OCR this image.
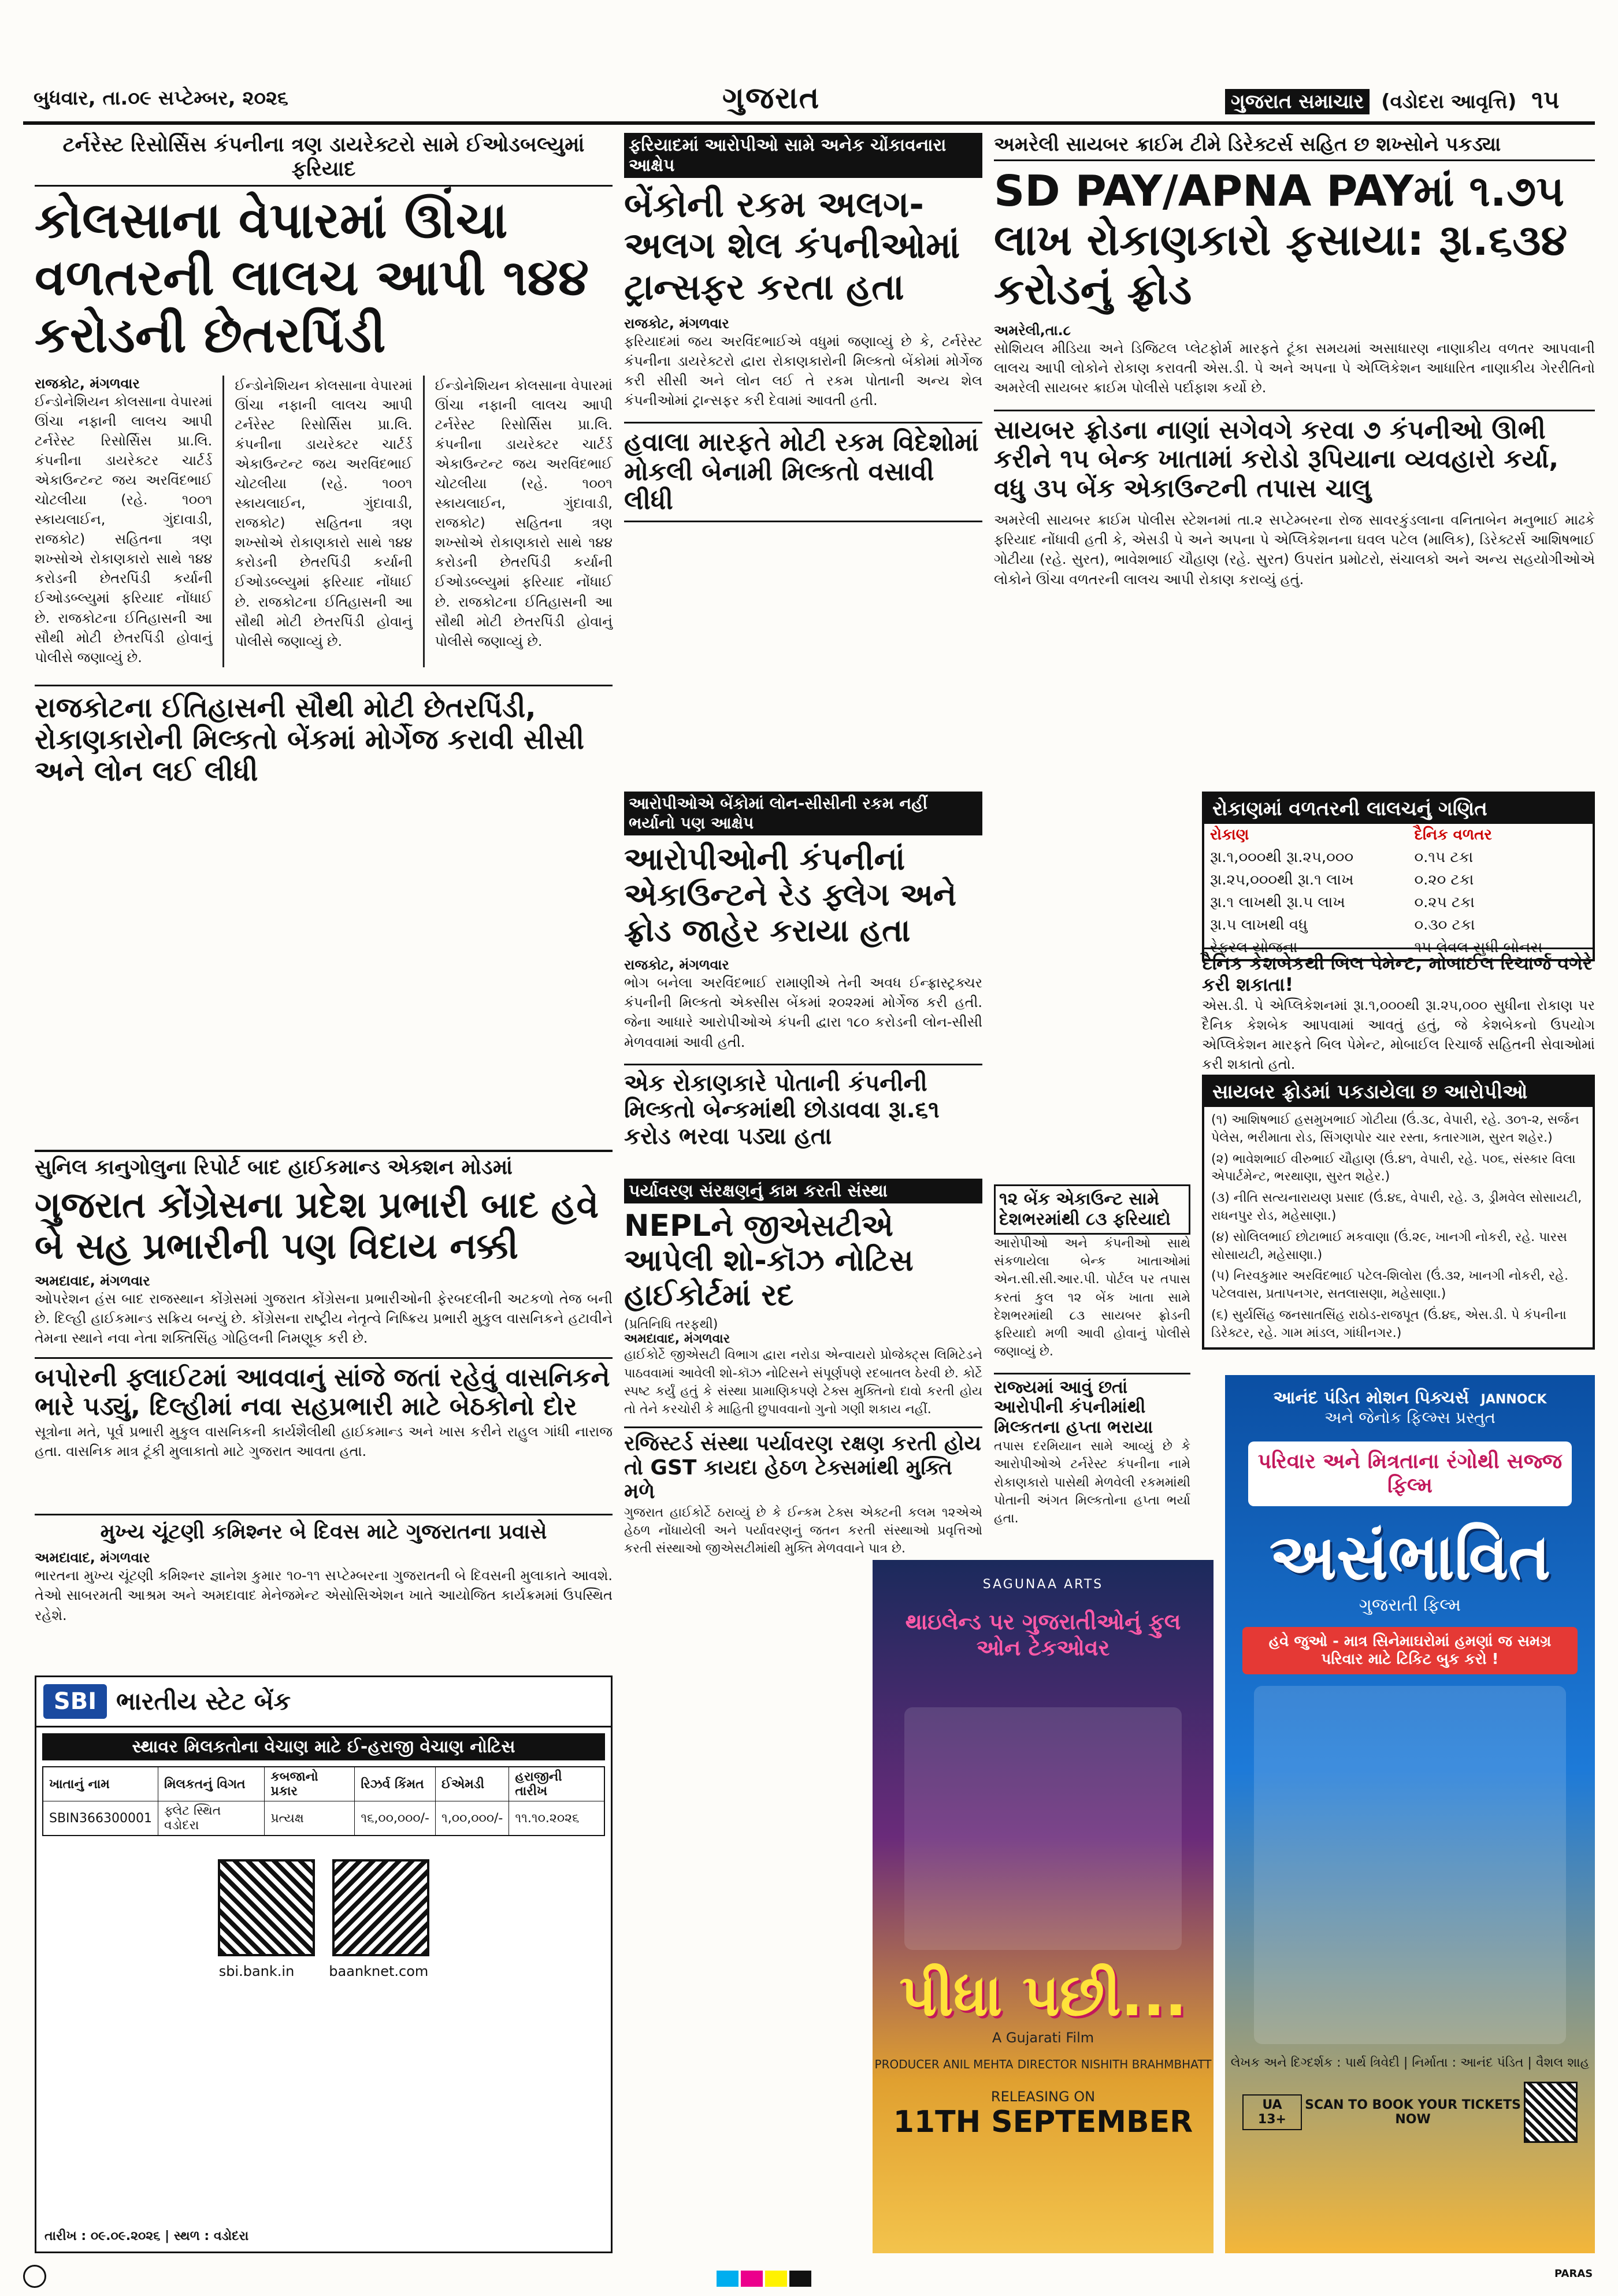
બુધવાર, તા.૦૯ સપ્ટેમ્બર, ૨૦૨૬	ગુજરાત	ગુજરાત સમાચાર (વડોદરા આવૃત્તિ) ૧૫
ટર્નરેસ્ટ રિસોર્સિસ કંપનીના ત્રણ ડાયરેક્ટરો સામે ઈઓડબલ્યુમાં ફરિયાદ
કોલસાના વેપારમાં ઊંચા વળતરની લાલચ આપી ૧૪૪ કરોડની છેતરપિંડી
રાજકોટ, મંગળવાર
ઈન્ડોનેશિયન કોલસાના વેપારમાં ઊંચા નફાની લાલચ આપી ટર્નરેસ્ટ રિસોર્સિસ પ્રા.લિ. કંપનીના ડાયરેક્ટર ચાર્ટર્ડ એકાઉન્ટન્ટ જય અરવિંદભાઈ ચોટલીયા (રહે. ૧૦૦૧ સ્કાયલાઈન, ગુંદાવાડી, રાજકોટ) સહિતના ત્રણ શખ્સોએ રોકાણકારો સાથે ૧૪૪ કરોડની છેતરપિંડી કર્યાની ઈઓડબ્લ્યુમાં ફરિયાદ નોંધાઈ છે. રાજકોટના ઈતિહાસની આ સૌથી મોટી છેતરપિંડી હોવાનું પોલીસે જણાવ્યું છે.
ઈન્ડોનેશિયન કોલસાના વેપારમાં ઊંચા નફાની લાલચ આપી ટર્નરેસ્ટ રિસોર્સિસ પ્રા.લિ. કંપનીના ડાયરેક્ટર ચાર્ટર્ડ એકાઉન્ટન્ટ જય અરવિંદભાઈ ચોટલીયા (રહે. ૧૦૦૧ સ્કાયલાઈન, ગુંદાવાડી, રાજકોટ) સહિતના ત્રણ શખ્સોએ રોકાણકારો સાથે ૧૪૪ કરોડની છેતરપિંડી કર્યાની ઈઓડબ્લ્યુમાં ફરિયાદ નોંધાઈ છે. રાજકોટના ઈતિહાસની આ સૌથી મોટી છેતરપિંડી હોવાનું પોલીસે જણાવ્યું છે.
ઈન્ડોનેશિયન કોલસાના વેપારમાં ઊંચા નફાની લાલચ આપી ટર્નરેસ્ટ રિસોર્સિસ પ્રા.લિ. કંપનીના ડાયરેક્ટર ચાર્ટર્ડ એકાઉન્ટન્ટ જય અરવિંદભાઈ ચોટલીયા (રહે. ૧૦૦૧ સ્કાયલાઈન, ગુંદાવાડી, રાજકોટ) સહિતના ત્રણ શખ્સોએ રોકાણકારો સાથે ૧૪૪ કરોડની છેતરપિંડી કર્યાની ઈઓડબ્લ્યુમાં ફરિયાદ નોંધાઈ છે. રાજકોટના ઈતિહાસની આ સૌથી મોટી છેતરપિંડી હોવાનું પોલીસે જણાવ્યું છે.
રાજકોટના ઈતિહાસની સૌથી મોટી છેતરપિંડી, રોકાણકારોની મિલ્કતો બેંકમાં મોર્ગેજ કરાવી સીસી અને લોન લઈ લીધી
ફરિયાદમાં આરોપીઓ સામે અનેક ચોંકાવનારા આક્ષેપ
બેંકોની રકમ અલગ-અલગ શેલ કંપનીઓમાં ટ્રાન્સફર કરતા હતા
રાજકોટ, મંગળવાર
ફરિયાદમાં જય અરવિંદભાઈએ વધુમાં જણાવ્યું છે કે, ટર્નરેસ્ટ કંપનીના ડાયરેક્ટરો દ્વારા રોકાણકારોની મિલ્કતો બેંકોમાં મોર્ગેજ કરી સીસી અને લોન લઈ તે રકમ પોતાની અન્ય શેલ કંપનીઓમાં ટ્રાન્સફર કરી દેવામાં આવતી હતી.
હવાલા મારફતે મોટી રકમ વિદેશોમાં મોકલી બેનામી મિલ્કતો વસાવી લીધી
આરોપીઓએ બેંકોમાં લોન-સીસીની રકમ નહીં ભર્યાનો પણ આક્ષેપ
આરોપીઓની કંપનીનાં એકાઉન્ટને રેડ ફ્લેગ અને ફ્રોડ જાહેર કરાયા હતા
રાજકોટ, મંગળવાર
ભોગ બનેલા અરવિંદભાઈ રામાણીએ તેની અવધ ઈન્ફ્રાસ્ટ્રક્ચર કંપનીની મિલ્કતો એક્સીસ બેંકમાં ૨૦૨૨માં મોર્ગેજ કરી હતી. જેના આધારે આરોપીઓએ કંપની દ્વારા ૧૮૦ કરોડની લોન-સીસી મેળવવામાં આવી હતી.
એક રોકાણકારે પોતાની કંપનીની મિલ્કતો બેન્કમાંથી છોડાવવા રૂા.૬૧ કરોડ ભરવા પડ્યા હતા
અમરેલી સાયબર ક્રાઈમ ટીમે ડિરેક્ટર્સ સહિત છ શખ્સોને પકડ્યા
SD PAY/APNA PAYમાં ૧.૭૫ લાખ રોકાણકારો ફસાયા: રૂા.૬૩૪ કરોડનું ફ્રોડ
અમરેલી,તા.૮
સોશિયલ મીડિયા અને ડિજિટલ પ્લેટફોર્મ મારફતે ટૂંકા સમયમાં અસાધારણ નાણાકીય વળતર આપવાની લાલચ આપી લોકોને રોકાણ કરાવતી એસ.ડી. પે અને અપના પે એપ્લિકેશન આધારિત નાણાકીય ગેરરીતિનો અમરેલી સાયબર ક્રાઈમ પોલીસે પર્દાફાશ કર્યો છે.
સાયબર ફ્રોડના નાણાં સગેવગે કરવા ૭ કંપનીઓ ઊભી કરીને ૧૫ બેન્ક ખાતામાં કરોડો રૂપિયાના વ્યવહારો કર્યા, વધુ ૩૫ બેંક એકાઉન્ટની તપાસ ચાલુ
અમરેલી સાયબર ક્રાઈમ પોલીસ સ્ટેશનમાં તા.૨ સપ્ટેમ્બરના રોજ સાવરકુંડલાના વનિતાબેન મનુભાઈ માઢકે ફરિયાદ નોંધાવી હતી કે, એસડી પે અને અપના પે એપ્લિકેશનના ઘવલ પટેલ (માલિક), ડિરેક્ટર્સ આશિષભાઈ ગોટીયા (રહે. સુરત), ભાવેશભાઈ ચૌહાણ (રહે. સુરત) ઉપરાંત પ્રમોટરો, સંચાલકો અને અન્ય સહયોગીઓએ લોકોને ઊંચા વળતરની લાલચ આપી રોકાણ કરાવ્યું હતું.
રોકાણમાં વળતરની લાલચનું ગણિત
રોકાણ	દૈનિક વળતર
રૂા.૧,૦૦૦થી રૂા.૨૫,૦૦૦	૦.૧૫ ટકા
રૂા.૨૫,૦૦૦થી રૂા.૧ લાખ	૦.૨૦ ટકા
રૂા.૧ લાખથી રૂા.૫ લાખ	૦.૨૫ ટકા
રૂા.૫ લાખથી વધુ	૦.૩૦ ટકા
રેફરલ યોજના	૧૫ લેવલ સુધી બોનસ
દૈનિક કેશબેકથી બિલ પેમેન્ટ, મોબાઈલ રિચાર્જ વગેરે કરી શકાતા!
એસ.ડી. પે એપ્લિકેશનમાં રૂા.૧,૦૦૦થી રૂા.૨૫,૦૦૦ સુધીના રોકાણ પર દૈનિક કેશબેક આપવામાં આવતું હતું, જે કેશબેકનો ઉપયોગ એપ્લિકેશન મારફતે બિલ પેમેન્ટ, મોબાઈલ રિચાર્જ સહિતની સેવાઓમાં કરી શકાતો હતો.
સાયબર ફ્રોડમાં પકડાયેલા છ આરોપીઓ
(૧) આશિષભાઈ હસમુખભાઈ ગોટીયા (ઉં.૩૮, વેપારી, રહે. ૩૦૧-૨, સર્જન પેલેસ, ભરીમાતા રોડ, સિંગણપોર ચાર રસ્તા, કતારગામ, સુરત શહેર.)
(૨) ભાવેશભાઈ વીરુભાઈ ચૌહાણ (ઉં.૪૧, વેપારી, રહે. ૫૦૬, સંસ્કાર વિલા એપાર્ટમેન્ટ, ભરથાણા, સુરત શહેર.)
(૩) નીતિ સત્યનારાયણ પ્રસાદ (ઉં.૪૬, વેપારી, રહે. ૩, ડ્રીમવેલ સોસાયટી, રાધનપુર રોડ, મહેસાણા.)
(૪) સોલિલભાઈ છોટાભાઈ મકવાણા (ઉં.૨૯, ખાનગી નોકરી, રહે. પારસ સોસાયટી, મહેસાણા.)
(૫) નિરવકુમાર અરવિંદભાઈ પટેલ-શિલોરા (ઉં.૩૨, ખાનગી નોકરી, રહે. પટેલવાસ, પ્રતાપનગર, સતલાસણા, મહેસાણા.)
(૬) સુર્યસિંહ જનસાતસિંહ રાઠોડ-રાજપૂત (ઉં.૪૬, એસ.ડી. પે કંપનીના ડિરેક્ટર, રહે. ગામ માંડલ, ગાંધીનગર.)
૧૨ બેંક એકાઉન્ટ સામે દેશભરમાંથી ૮૩ ફરિયાદો
આરોપીઓ અને કંપનીઓ સાથે સંકળાયેલા બેન્ક ખાતાઓમાં એન.સી.સી.આર.પી. પોર્ટલ પર તપાસ કરતાં કુલ ૧૨ બેંક ખાતા સામે દેશભરમાંથી ૮૩ સાયબર ફ્રોડની ફરિયાદો મળી આવી હોવાનું પોલીસે જણાવ્યું છે.
રાજ્યમાં આવું છતાં આરોપીની કંપનીમાંથી મિલ્કતના હપ્તા ભરાયા
તપાસ દરમિયાન સામે આવ્યું છે કે આરોપીઓએ ટર્નરેસ્ટ કંપનીના નામે રોકાણકારો પાસેથી મેળવેલી રકમમાંથી પોતાની અંગત મિલ્કતોના હપ્તા ભર્યા હતા.
સુનિલ કાનુગોલુના રિપોર્ટ બાદ હાઈકમાન્ડ એક્શન મોડમાં
ગુજરાત કોંગ્રેસના પ્રદેશ પ્રભારી બાદ હવે બે સહ પ્રભારીની પણ વિદાય નક્કી
અમદાવાદ, મંગળવાર
ઓપરેશન હંસ બાદ રાજસ્થાન કોંગ્રેસમાં ગુજરાત કોંગ્રેસના પ્રભારીઓની ફેરબદલીની અટકળો તેજ બની છે. દિલ્હી હાઈકમાન્ડ સક્રિય બન્યું છે. કોંગ્રેસના રાષ્ટ્રીય નેતૃત્વે નિષ્ક્રિય પ્રભારી મુકુલ વાસનિકને હટાવીને તેમના સ્થાને નવા નેતા શક્તિસિંહ ગોહિલની નિમણૂક કરી છે.
બપોરની ફ્લાઈટમાં આવવાનું સાંજે જતાં રહેવું વાસનિકને ભારે પડ્યું, દિલ્હીમાં નવા સહપ્રભારી માટે બેઠકોનો દોર
સૂત્રોના મતે, પૂર્વ પ્રભારી મુકુલ વાસનિકની કાર્યશૈલીથી હાઈકમાન્ડ અને ખાસ કરીને રાહુલ ગાંધી નારાજ હતા. વાસનિક માત્ર ટૂંકી મુલાકાતો માટે ગુજરાત આવતા હતા.
મુખ્ય ચૂંટણી કમિશ્નર બે દિવસ માટે ગુજરાતના પ્રવાસે
અમદાવાદ, મંગળવાર
ભારતના મુખ્ય ચૂંટણી કમિશ્નર જ્ઞાનેશ કુમાર ૧૦-૧૧ સપ્ટેમ્બરના ગુજરાતની બે દિવસની મુલાકાતે આવશે. તેઓ સાબરમતી આશ્રમ અને અમદાવાદ મેનેજમેન્ટ એસોસિએશન ખાતે આયોજિત કાર્યક્રમમાં ઉપસ્થિત રહેશે.
પર્યાવરણ સંરક્ષણનું કામ કરતી સંસ્થા
NEPLને જીએસટીએ આપેલી શો-કૉઝ નોટિસ હાઈકોર્ટમાં રદ
(પ્રતિનિધિ તરફથી)
અમદાવાદ, મંગળવાર
હાઈકોર્ટે જીએસટી વિભાગ દ્વારા નરોડા એન્વાયરો પ્રોજેક્ટ્સ લિમિટેડને પાઠવવામાં આવેલી શો-કૉઝ નોટિસને સંપૂર્ણપણે રદબાતલ ઠેરવી છે. કોર્ટે સ્પષ્ટ કર્યું હતું કે સંસ્થા પ્રામાણિકપણે ટેક્સ મુક્તિનો દાવો કરતી હોય તો તેને કરચોરી કે માહિતી છુપાવવાનો ગુનો ગણી શકાય નહીં.
રજિસ્ટર્ડ સંસ્થા પર્યાવરણ રક્ષણ કરતી હોય તો GST કાયદા હેઠળ ટેક્સમાંથી મુક્તિ મળે
ગુજરાત હાઈકોર્ટે ઠરાવ્યું છે કે ઈન્કમ ટેક્સ એક્ટની કલમ ૧૨એએ હેઠળ નોંધાયેલી અને પર્યાવરણનું જતન કરતી સંસ્થાઓ પ્રવૃત્તિઓ કરતી સંસ્થાઓ જીએસટીમાંથી મુક્તિ મેળવવાને પાત્ર છે.
SBI ભારતીય સ્ટેટ બેંક
સ્થાવર મિલકતોના વેચાણ માટે ઈ-હરાજી વેચાણ નોટિસ
ખાતાનું નામ	મિલકતનું વિગત	કબજાનો પ્રકાર	રિઝર્વ કિંમત	ઈએમડી	હરાજીની તારીખ
SBIN366300001	ફ્લેટ સ્થિત વડોદરા	પ્રત્યક્ષ	૧૬,૦૦,૦૦૦/-	૧,૦૦,૦૦૦/-	૧૧.૧૦.૨૦૨૬
sbi.bank.in	baanknet.com
તારીખ : ૦૯.૦૯.૨૦૨૬ | સ્થળ : વડોદરા
SAGUNAA ARTS
થાઇલેન્ડ પર ગુજરાતીઓનું ફુલ ઓન ટેકઓવર
પીધા પછી...
A Gujarati Film
PRODUCER ANIL MEHTA DIRECTOR NISHITH BRAHMBHATT
RELEASING ON
11TH SEPTEMBER
આનંદ પંડિત મોશન પિક્ચર્સ JANNOCK
અને જેનોક ફિલ્મ્સ પ્રસ્તુત
પરિવાર અને મિત્રતાના રંગોથી સજ્જ ફિલ્મ
અસંભાવિત
ગુજરાતી ફિલ્મ
હવે જુઓ - માત્ર સિનેમાઘરોમાં હમણાં જ સમગ્ર પરિવાર માટે ટિકિટ બુક કરો !
લેખક અને દિગ્દર્શક : પાર્થ ત્રિવેદી | નિર્માતા : આનંદ પંડિત | વૈશલ શાહ
UA 13+
SCAN TO BOOK YOUR TICKETS NOW
PARAS
